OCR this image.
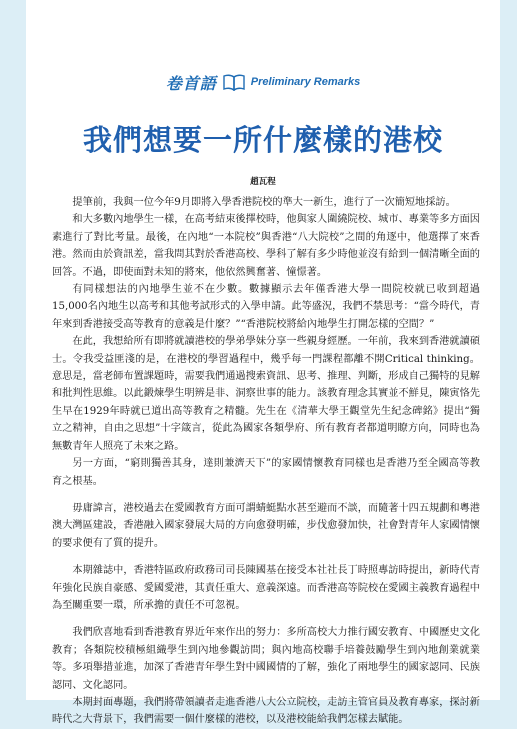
卷首語	Preliminary Remarks
我們想要一所什麼樣的港校
趙瓦程

提筆前，我與一位今年9月即將入學香港院校的準大一新生，進行了一次簡短地採訪。

和大多數內地學生一樣，在高考結束後擇校時，他與家人圍繞院校、城市、專業等多方面因素進行了對比考量。最後，在內地“一本院校”與香港“八大院校”之間的角逐中，他選擇了來香港。然而由於資訊差，當我問其對於香港高校、學科了解有多少時他並沒有給到一個清晰全面的回答。不過，即使面對未知的將來，他依然興奮著、憧憬著。

有同樣想法的內地學生並不在少數。數據顯示去年僅香港大學一間院校就已收到超過15,000名內地生以高考和其他考試形式的入學申請。此等盛況，我們不禁思考：“當今時代，青年來到香港接受高等教育的意義是什麼？”“香港院校將給內地學生打開怎樣的空間？”

在此，我想給所有即將就讀港校的學弟學妹分享一些親身經歷。一年前，我來到香港就讀碩士。令我受益匪淺的是，在港校的學習過程中，幾乎每一門課程都離不開Critical thinking。意思是，當老師布置課題時，需要我們通過搜索資訊、思考、推理、判斷，形成自己獨特的見解和批判性思維。以此鍛煉學生明辨是非、洞察世事的能力。該教育理念其實並不鮮見，陳寅恪先生早在1929年時就已道出高等教育之精髓。先生在《清華大學王觀堂先生紀念碑銘》提出“獨立之精神，自由之思想”十字箴言，從此為國家各類學府、所有教育者都道明瞭方向，同時也為無數青年人照亮了未來之路。

另一方面，“窮則獨善其身，達則兼濟天下”的家國情懷教育同樣也是香港乃至全國高等教育之根基。

毋庸諱言，港校過去在愛國教育方面可謂蜻蜓點水甚至避而不談，而隨著十四五規劃和粵港澳大灣區建設，香港融入國家發展大局的方向愈發明確，步伐愈發加快，社會對青年人家國情懷的要求便有了質的提升。

本期雜誌中，香港特區政府政務司司長陳國基在接受本社社長丁時照專訪時提出，新時代青年強化民族自豪感、愛國愛港，其責任重大、意義深遠。而香港高等院校在愛國主義教育過程中為至關重要一環，所承擔的責任不可忽視。

我們欣喜地看到香港教育界近年來作出的努力：多所高校大力推行國安教育、中國歷史文化教育；各類院校積極組織學生到內地參觀訪問；與內地高校聯手培養鼓勵學生到內地創業就業等。多項舉措並進，加深了香港青年學生對中國國情的了解，強化了兩地學生的國家認同、民族認同、文化認同。

本期封面專題，我們將帶領讀者走進香港八大公立院校，走訪主管官員及教育專家，探討新時代之大背景下，我們需要一個什麼樣的港校，以及港校能給我們怎樣去賦能。
